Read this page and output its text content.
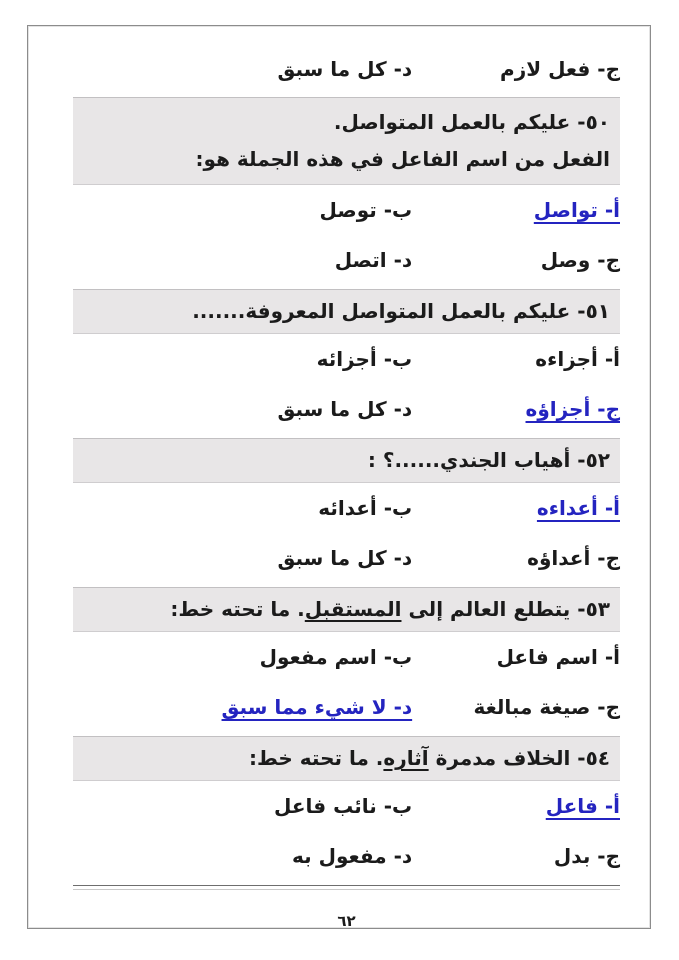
ج- فعل لازم
د- كل ما سبق
٥٠- عليكم بالعمل المتواصل.
الفعل من اسم الفاعل في هذه الجملة هو:
أ- تواصل
ب- توصل
ج- وصل
د- اتصل
٥١- عليكم بالعمل المتواصل المعروفة.......
أ- أجزاءه
ب- أجزائه
ج- أجزاؤه
د- كل ما سبق
٥٢- أهياب الجندي......؟ :
أ- أعداءه
ب- أعدائه
ج- أعداؤه
د- كل ما سبق
٥٣- يتطلع العالم إلى المستقبل. ما تحته خط:
أ- اسم فاعل
ب- اسم مفعول
ج- صيغة مبالغة
د- لا شيء مما سبق
٥٤- الخلاف مدمرة آثاره. ما تحته خط:
أ- فاعل
ب- نائب فاعل
ج- بدل
د- مفعول به
٦٢
